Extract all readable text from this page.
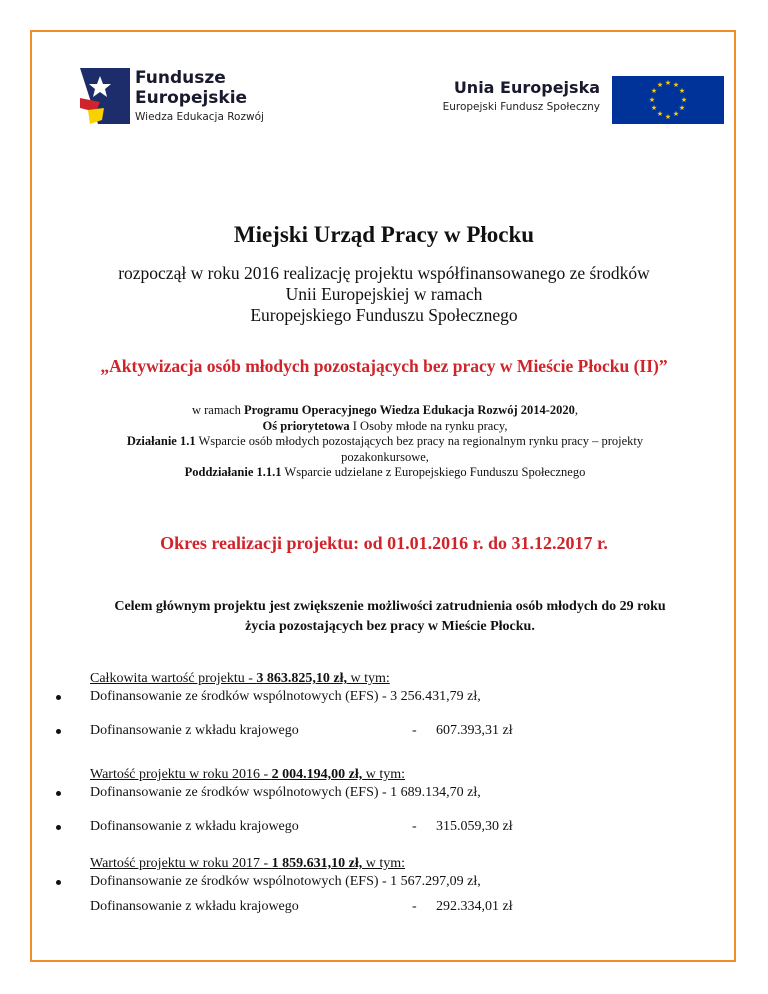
Fundusze
Europejskie
Wiedza Edukacja Rozwój
Unia Europejska
Europejski Fundusz Społeczny
★ ★
★
★
★
★
★
★
★
★
★
★
Miejski Urząd Pracy w Płocku
rozpoczął w roku 2016 realizację projektu współfinansowanego ze środków
Unii Europejskiej w ramach
Europejskiego Funduszu Społecznego
„Aktywizacja osób młodych pozostających bez pracy w Mieście Płocku (II)”
w ramach Programu Operacyjnego Wiedza Edukacja Rozwój 2014-2020,
Oś priorytetowa I Osoby młode na rynku pracy,
Działanie 1.1 Wsparcie osób młodych pozostających bez pracy na regionalnym rynku pracy – projekty
pozakonkursowe,
Poddziałanie 1.1.1 Wsparcie udzielane z Europejskiego Funduszu Społecznego
Okres realizacji projektu: od 01.01.2016 r. do 31.12.2017 r.
Celem głównym projektu jest zwiększenie możliwości zatrudnienia osób młodych do 29 roku
życia pozostających bez pracy w Mieście Płocku.
Całkowita wartość projektu - 3 863.825,10 zł, w tym:
Dofinansowanie ze środków wspólnotowych (EFS) - 3 256.431,79 zł,
Dofinansowanie z wkładu krajowego	- 607.393,31 zł
Wartość projektu w roku 2016 - 2 004.194,00 zł, w tym:
Dofinansowanie ze środków wspólnotowych (EFS) - 1 689.134,70 zł,
Dofinansowanie z wkładu krajowego	- 315.059,30 zł
Wartość projektu w roku 2017 - 1 859.631,10 zł, w tym:
Dofinansowanie ze środków wspólnotowych (EFS) - 1 567.297,09 zł,
Dofinansowanie z wkładu krajowego	- 292.334,01 zł
